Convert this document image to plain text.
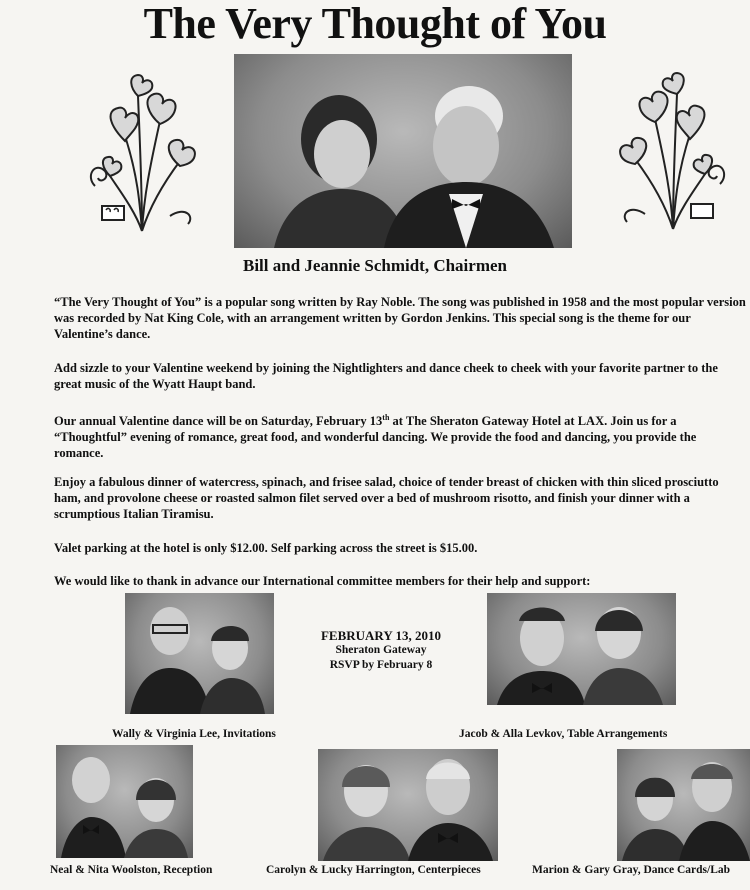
The Very Thought of You
Bill and Jeannie Schmidt, Chairmen

“The Very Thought of You” is a popular song written by Ray Noble. The song was published in 1958 and the most popular version was recorded by Nat King Cole, with an arrangement written by Gordon Jenkins. This special song is the theme for our Valentine’s dance.

Add sizzle to your Valentine weekend by joining the Nightlighters and dance cheek to cheek with your favorite partner to the great music of the Wyatt Haupt band.

Our annual Valentine dance will be on Saturday, February 13th at The Sheraton Gateway Hotel at LAX. Join us for a “Thoughtful” evening of romance, great food, and wonderful dancing. We provide the food and dancing, you provide the romance.

Enjoy a fabulous dinner of watercress, spinach, and frisee salad, choice of tender breast of chicken with thin sliced prosciutto ham, and provolone cheese or roasted salmon filet served over a bed of mushroom risotto, and finish your dinner with a scrumptious Italian Tiramisu.

Valet parking at the hotel is only $12.00. Self parking across the street is $15.00.

We would like to thank in advance our International committee members for their help and support:

FEBRUARY 13, 2010
Sheraton Gateway
RSVP by February 8
Wally & Virginia Lee, Invitations	Jacob & Alla Levkov, Table Arrangements
Neal & Nita Woolston, Reception	Carolyn & Lucky Harrington, Centerpieces	Marion & Gary Gray, Dance Cards/Lab
